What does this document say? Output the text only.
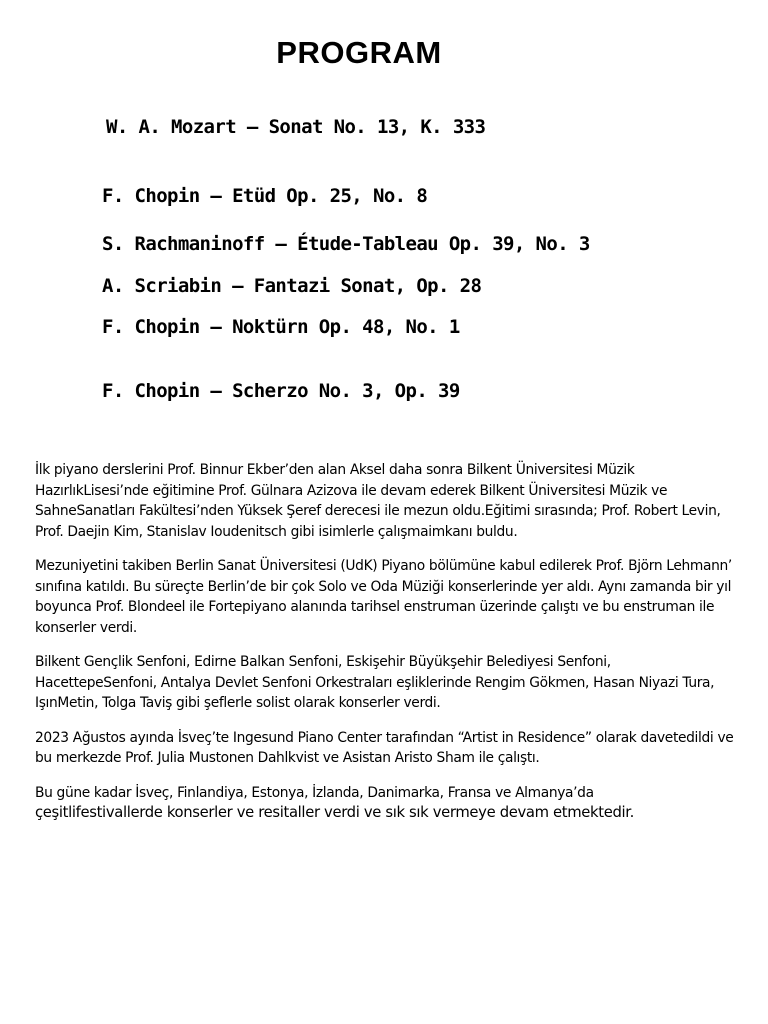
PROGRAM
W. A. Mozart – Sonat No. 13, K. 333
F. Chopin – Etüd Op. 25, No. 8
S. Rachmaninoff – Étude-Tableau Op. 39, No. 3
A. Scriabin – Fantazi Sonat, Op. 28
F. Chopin – Noktürn Op. 48, No. 1
F. Chopin – Scherzo No. 3, Op. 39

İlk piyano derslerini Prof. Binnur Ekber’den alan Aksel daha sonra Bilkent Üniversitesi Müzik HazırlıkLisesi’nde eğitimine Prof. Gülnara Azizova ile devam ederek Bilkent Üniversitesi Müzik ve SahneSanatları Fakültesi’nden Yüksek Şeref derecesi ile mezun oldu.Eğitimi sırasında; Prof. Robert Levin, Prof. Daejin Kim, Stanislav Ioudenitsch gibi isimlerle çalışmaimkanı buldu.

Mezuniyetini takiben Berlin Sanat Üniversitesi (UdK) Piyano bölümüne kabul edilerek Prof. Björn Lehmann’ sınıfına katıldı. Bu süreçte Berlin’de bir çok Solo ve Oda Müziği konserlerinde yer aldı. Aynı zamanda bir yıl boyunca Prof. Blondeel ile Fortepiyano alanında tarihsel enstruman üzerinde çalıştı ve bu enstruman ile konserler verdi.

Bilkent Gençlik Senfoni, Edirne Balkan Senfoni, Eskişehir Büyükşehir Belediyesi Senfoni, HacettepeSenfoni, Antalya Devlet Senfoni Orkestraları eşliklerinde Rengim Gökmen, Hasan Niyazi Tura, IşınMetin, Tolga Taviş gibi şeflerle solist olarak konserler verdi.

2023 Ağustos ayında İsveç’te Ingesund Piano Center tarafından “Artist in Residence” olarak davetedildi ve bu merkezde Prof. Julia Mustonen Dahlkvist ve Asistan Aristo Sham ile çalıştı.

Bu güne kadar İsveç, Finlandiya, Estonya, İzlanda, Danimarka, Fransa ve Almanya’da
çeşitlifestivallerde konserler ve resitaller verdi ve sık sık vermeye devam etmektedir.
